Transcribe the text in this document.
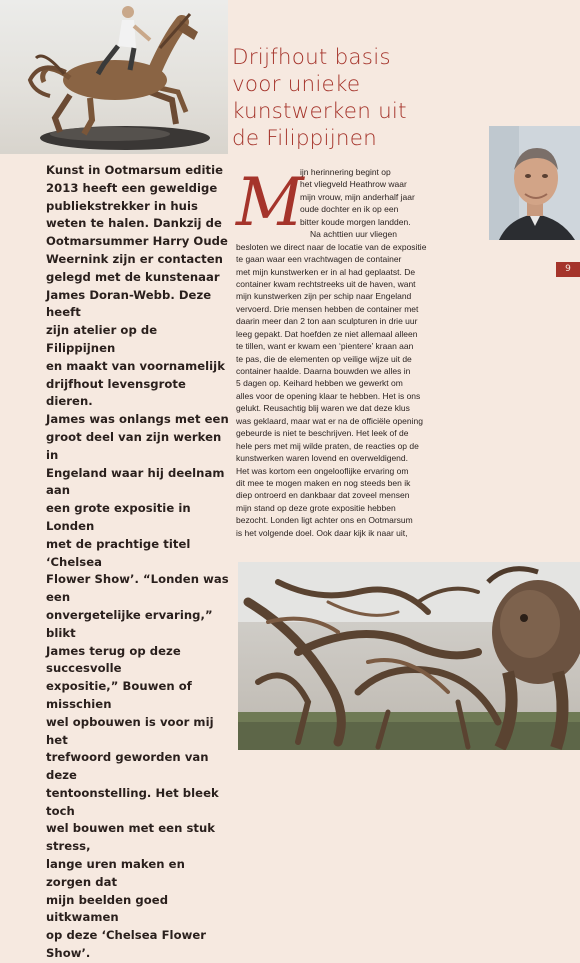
Drijfhout basis
voor unieke
kunstwerken uit
de Filippijnen
9
Kunst in Ootmarsum editie
2013 heeft een geweldige
publiekstrekker in huis
weten te halen. Dankzij de
Ootmarsummer Harry Oude
Weernink zijn er contacten
gelegd met de kunstenaar
James Doran-Webb. Deze heeft
zijn atelier op de Filippijnen
en maakt van voornamelijk
drijfhout levensgrote dieren.
James was onlangs met een
groot deel van zijn werken in
Engeland waar hij deelnam aan
een grote expositie in Londen
met de prachtige titel ‘Chelsea
Flower Show’. “Londen was een
onvergetelijke ervaring,” blikt
James terug op deze succesvolle
expositie,” Bouwen of misschien
wel opbouwen is voor mij het
trefwoord geworden van deze
tentoonstelling. Het bleek toch
wel bouwen met een stuk stress,
lange uren maken en zorgen dat
mijn beelden goed uitkwamen
op deze ‘Chelsea Flower Show’.
M
ijn herinnering begint op
het vliegveld Heathrow waar
mijn vrouw, mijn anderhalf jaar
oude dochter en ik op een
bitter koude morgen landden.
Na achttien uur vliegen
besloten we direct naar de locatie van de expositie
te gaan waar een vrachtwagen de container
met mijn kunstwerken er in al had geplaatst. De
container kwam rechtstreeks uit de haven, want
mijn kunstwerken zijn per schip naar Engeland
vervoerd. Drie mensen hebben de container met
daarin meer dan 2 ton aan sculpturen in drie uur
leeg gepakt. Dat hoefden ze niet allemaal alleen
te tillen, want er kwam een ‘pientere’ kraan aan
te pas, die de elementen op veilige wijze uit de
container haalde. Daarna bouwden we alles in
5 dagen op. Keihard hebben we gewerkt om
alles voor de opening klaar te hebben. Het is ons
gelukt. Reusachtig blij waren we dat deze klus
was geklaard, maar wat er na de officiële opening
gebeurde is niet te beschrijven. Het leek of de
hele pers met mij wilde praten, de reacties op de
kunstwerken waren lovend en overweldigend.
Het was kortom een ongelooflijke ervaring om
dit mee te mogen maken en nog steeds ben ik
diep ontroerd en dankbaar dat zoveel mensen
mijn stand op deze grote expositie hebben
bezocht. Londen ligt achter ons en Ootmarsum
is het volgende doel. Ook daar kijk ik naar uit,
